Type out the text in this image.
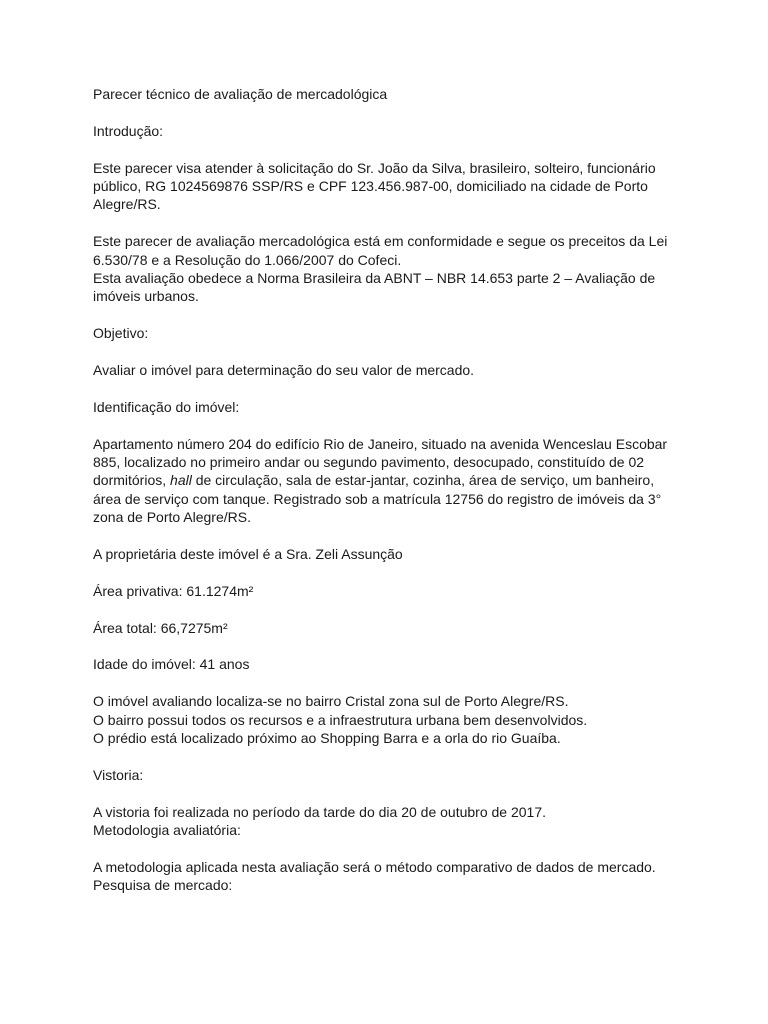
Parecer técnico de avaliação de mercadológica

Introdução:

Este parecer visa atender à solicitação do Sr. João da Silva, brasileiro, solteiro, funcionário público, RG 1024569876 SSP/RS e CPF 123.456.987-00, domiciliado na cidade de Porto Alegre/RS.

Este parecer de avaliação mercadológica está em conformidade e segue os preceitos da Lei 6.530/78 e a Resolução do 1.066/2007 do Cofeci.

Esta avaliação obedece a Norma Brasileira da ABNT – NBR 14.653 parte 2 – Avaliação de imóveis urbanos.

Objetivo:

Avaliar o imóvel para determinação do seu valor de mercado.

Identificação do imóvel:

Apartamento número 204 do edifício Rio de Janeiro, situado na avenida Wenceslau Escobar 885, localizado no primeiro andar ou segundo pavimento, desocupado, constituído de 02 dormitórios, hall de circulação, sala de estar-jantar, cozinha, área de serviço, um banheiro, área de serviço com tanque. Registrado sob a matrícula 12756 do registro de imóveis da 3° zona de Porto Alegre/RS.

A proprietária deste imóvel é a Sra. Zeli Assunção

Área privativa: 61.1274m²

Área total: 66,7275m²

Idade do imóvel: 41 anos

O imóvel avaliando localiza-se no bairro Cristal zona sul de Porto Alegre/RS.

O bairro possui todos os recursos e a infraestrutura urbana bem desenvolvidos.

O prédio está localizado próximo ao Shopping Barra e a orla do rio Guaíba.

Vistoria:

A vistoria foi realizada no período da tarde do dia 20 de outubro de 2017.

Metodologia avaliatória:

A metodologia aplicada nesta avaliação será o método comparativo de dados de mercado.

Pesquisa de mercado:
